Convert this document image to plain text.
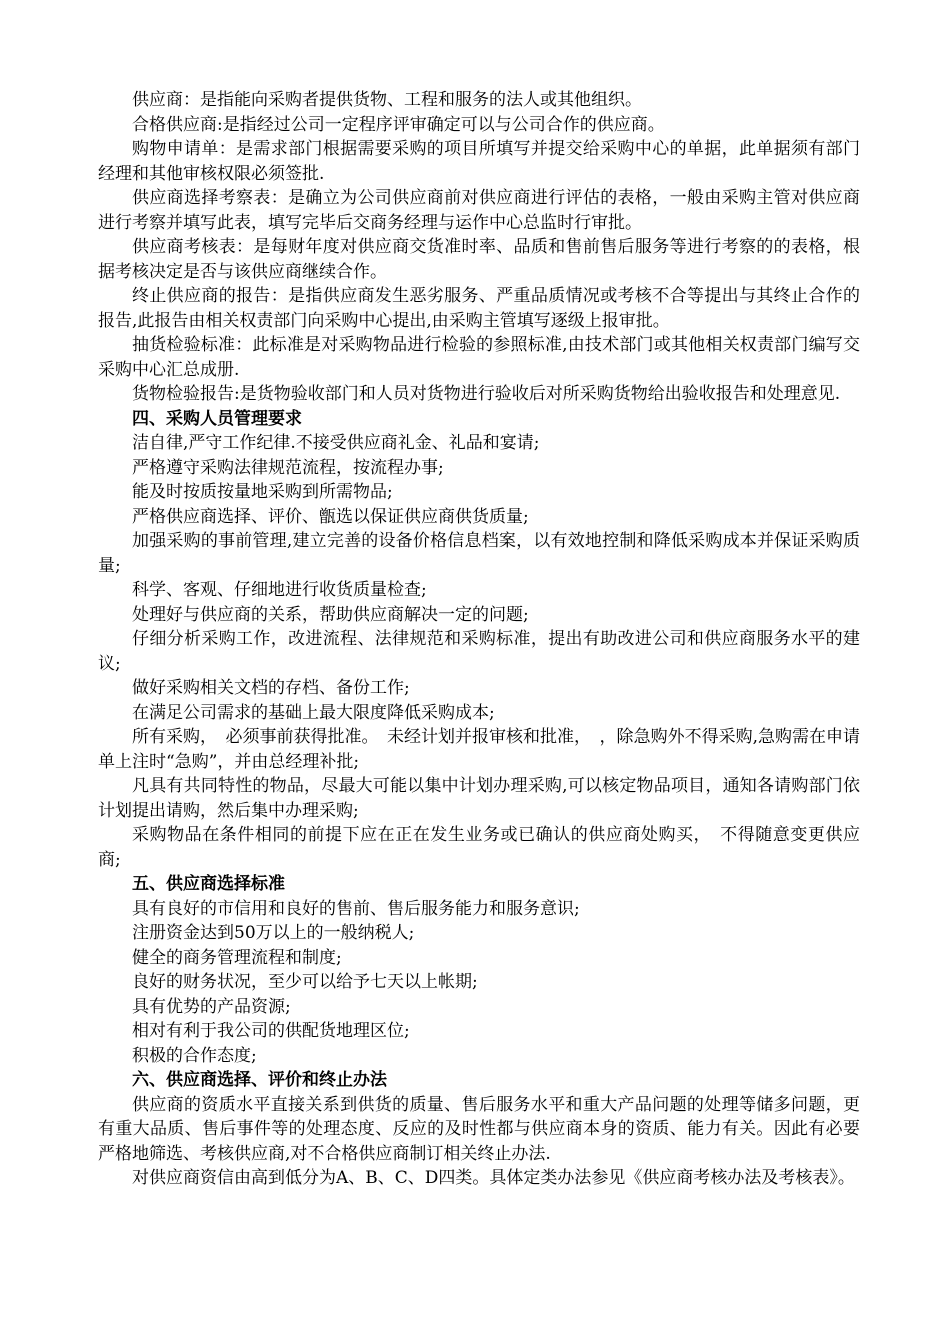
供应商：是指能向采购者提供货物、工程和服务的法人或其他组织。

合格供应商:是指经过公司一定程序评审确定可以与公司合作的供应商。

购物申请单：是需求部门根据需要采购的项目所填写并提交给采购中心的单据，此单据须有部门经理和其他审核权限必须签批.

供应商选择考察表：是确立为公司供应商前对供应商进行评估的表格，一般由采购主管对供应商进行考察并填写此表，填写完毕后交商务经理与运作中心总监时行审批。

供应商考核表：是每财年度对供应商交货准时率、品质和售前售后服务等进行考察的的表格，根据考核决定是否与该供应商继续合作。

终止供应商的报告：是指供应商发生恶劣服务、严重品质情况或考核不合等提出与其终止合作的报告,此报告由相关权责部门向采购中心提出,由采购主管填写逐级上报审批。

抽货检验标准：此标准是对采购物品进行检验的参照标准,由技术部门或其他相关权责部门编写交采购中心汇总成册.

货物检验报告:是货物验收部门和人员对货物进行验收后对所采购货物给出验收报告和处理意见.

四、采购人员管理要求

洁自律,严守工作纪律.不接受供应商礼金、礼品和宴请;

严格遵守采购法律规范流程，按流程办事;

能及时按质按量地采购到所需物品;

严格供应商选择、评价、甑选以保证供应商供货质量;

加强采购的事前管理,建立完善的设备价格信息档案，以有效地控制和降低采购成本并保证采购质量;

科学、客观、仔细地进行收货质量检查;

处理好与供应商的关系，帮助供应商解决一定的问题;

仔细分析采购工作，改进流程、法律规范和采购标准，提出有助改进公司和供应商服务水平的建议;

做好采购相关文档的存档、备份工作;

在满足公司需求的基础上最大限度降低采购成本;

所有采购，　必须事前获得批准。　未经计划并报审核和批准，　，除急购外不得采购,急购需在申请单上注时“急购”，并由总经理补批;

凡具有共同特性的物品，尽最大可能以集中计划办理采购,可以核定物品项目，通知各请购部门依计划提出请购，然后集中办理采购;

采购物品在条件相同的前提下应在正在发生业务或已确认的供应商处购买，　不得随意变更供应商;

五、供应商选择标准

具有良好的市信用和良好的售前、售后服务能力和服务意识;

注册资金达到50万以上的一般纳税人;

健全的商务管理流程和制度;

良好的财务状况，至少可以给予七天以上帐期;

具有优势的产品资源;

相对有利于我公司的供配货地理区位;

积极的合作态度;

六、供应商选择、评价和终止办法

供应商的资质水平直接关系到供货的质量、售后服务水平和重大产品问题的处理等储多问题，更有重大品质、售后事件等的处理态度、反应的及时性都与供应商本身的资质、能力有关。因此有必要严格地筛选、考核供应商,对不合格供应商制订相关终止办法.

对供应商资信由高到低分为A、B、C、D四类。具体定类办法参见《供应商考核办法及考核表》。
